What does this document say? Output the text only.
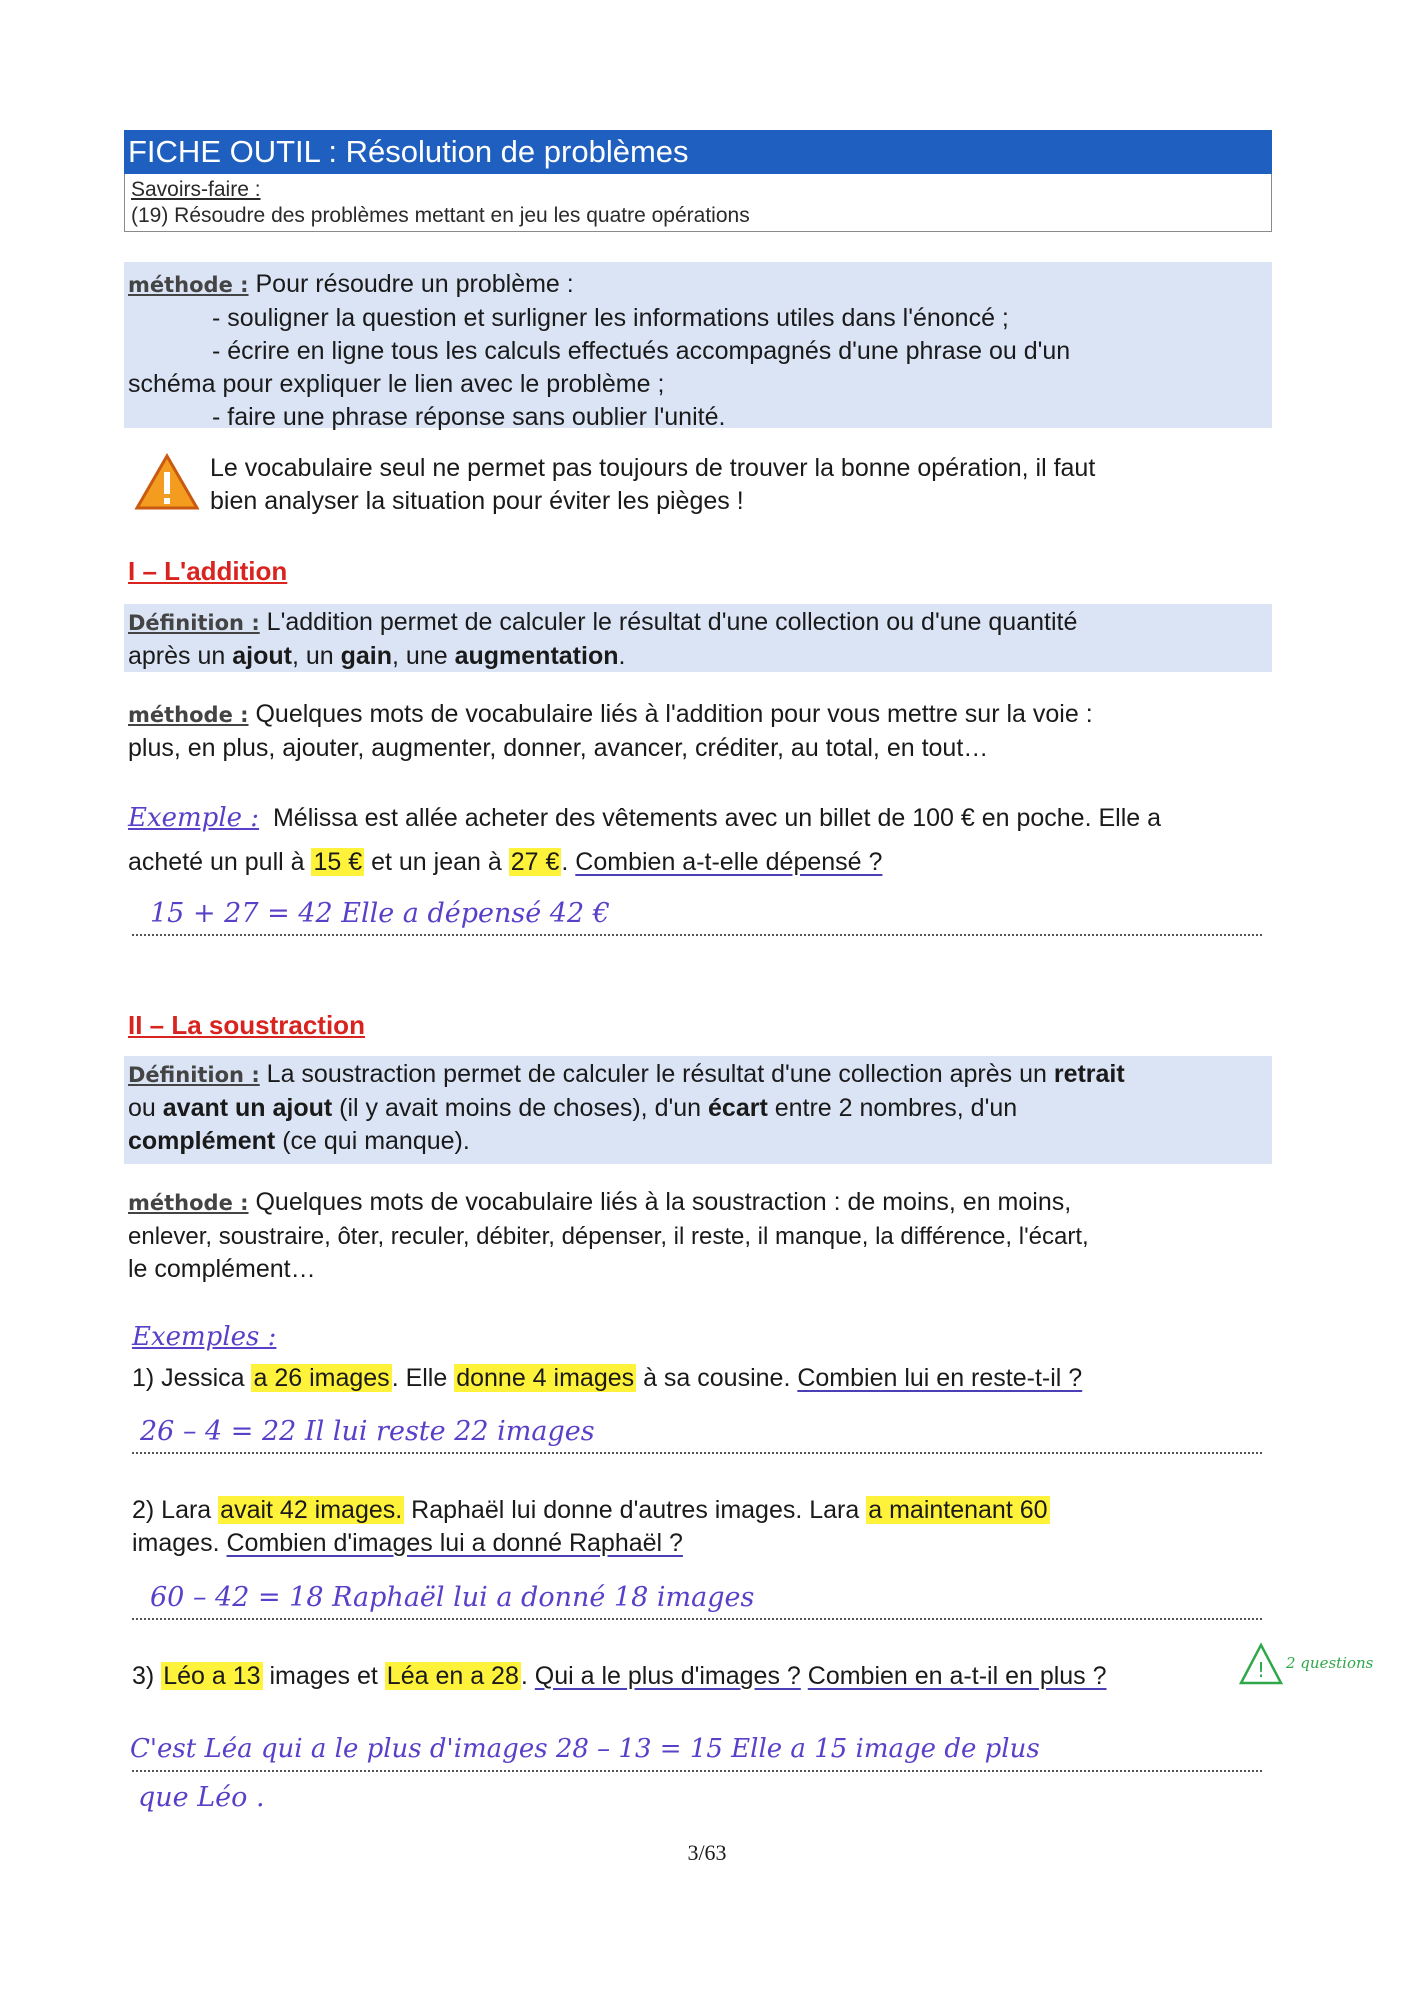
FICHE OUTIL : Résolution de problèmes
Savoirs-faire :
(19) Résoudre des problèmes mettant en jeu les quatre opérations
méthode : Pour résoudre un problème :
- souligner la question et surligner les informations utiles dans l'énoncé ;
- écrire en ligne tous les calculs effectués accompagnés d'une phrase ou d'un
schéma pour expliquer le lien avec le problème ;
- faire une phrase réponse sans oublier l'unité.
Le vocabulaire seul ne permet pas toujours de trouver la bonne opération, il faut
bien analyser la situation pour éviter les pièges !
I – L'addition
Définition : L'addition permet de calculer le résultat d'une collection ou d'une quantité
après un ajout, un gain, une augmentation.
méthode : Quelques mots de vocabulaire liés à l'addition pour vous mettre sur la voie :
plus, en plus, ajouter, augmenter, donner, avancer, créditer, au total, en tout…
Exemple : Mélissa est allée acheter des vêtements avec un billet de 100 € en poche. Elle a
acheté un pull à 15 € et un jean à 27 €. Combien a-t-elle dépensé ?
15 + 27 = 42 Elle a dépensé 42 €
II – La soustraction
Définition : La soustraction permet de calculer le résultat d'une collection après un retrait
ou avant un ajout (il y avait moins de choses), d'un écart entre 2 nombres, d'un
complément (ce qui manque).
méthode : Quelques mots de vocabulaire liés à la soustraction : de moins, en moins,
enlever, soustraire, ôter, reculer, débiter, dépenser, il reste, il manque, la différence, l'écart,
le complément…
Exemples :
1) Jessica a 26 images. Elle donne 4 images à sa cousine. Combien lui en reste-t-il ?
26 – 4 = 22 Il lui reste 22 images
2) Lara avait 42 images. Raphaël lui donne d'autres images. Lara a maintenant 60
images. Combien d'images lui a donné Raphaël ?
60 – 42 = 18 Raphaël lui a donné 18 images
3) Léo a 13 images et Léa en a 28. Qui a le plus d'images ? Combien en a-t-il en plus ?	! 2 questions
C'est Léa qui a le plus d'images 28 – 13 = 15 Elle a 15 image de plus
que Léo .
3/63
